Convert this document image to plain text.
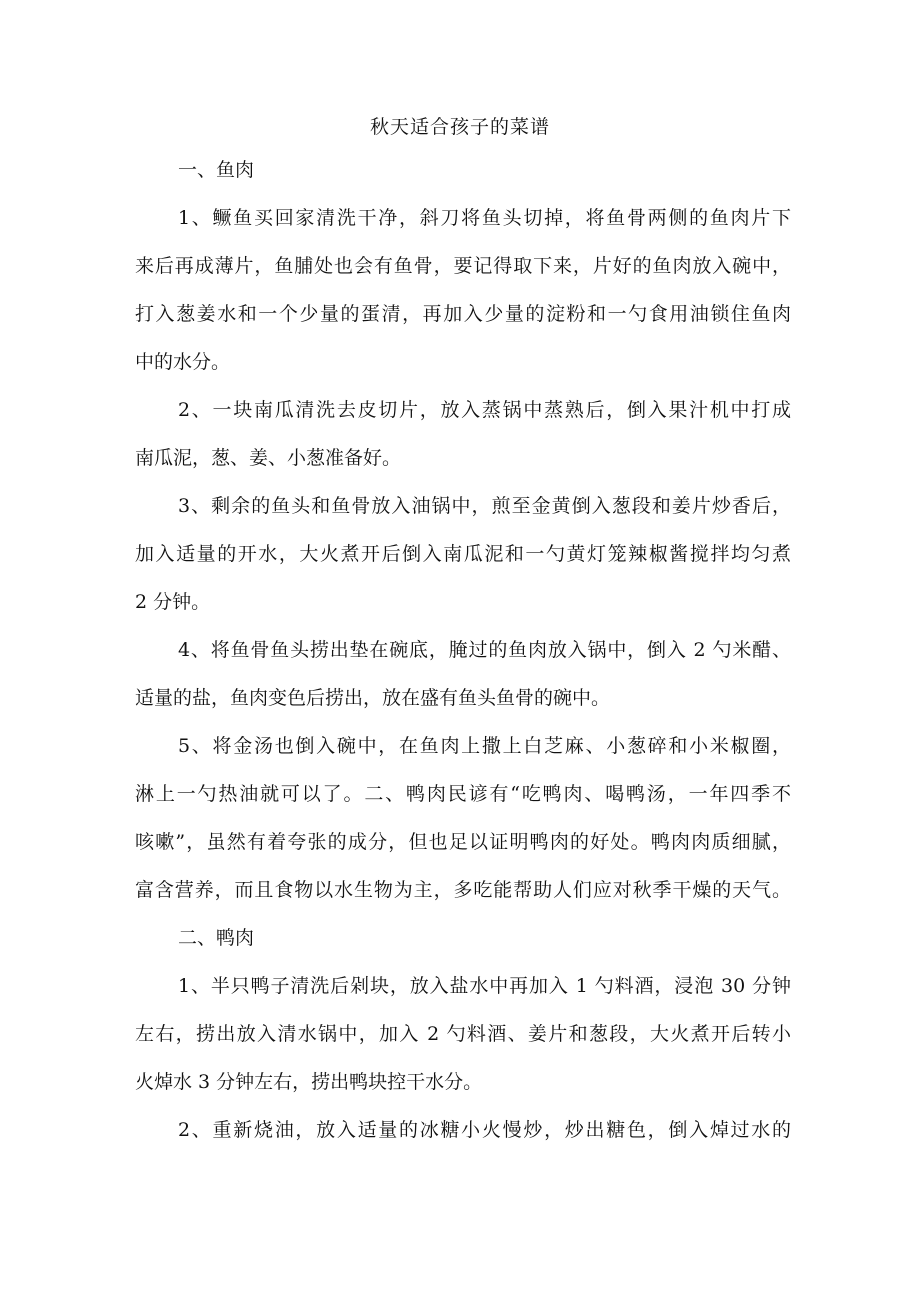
秋天适合孩子的菜谱
一、鱼肉
1、鳜鱼买回家清洗干净，斜刀将鱼头切掉，将鱼骨两侧的鱼肉片下
来后再成薄片，鱼脯处也会有鱼骨，要记得取下来，片好的鱼肉放入碗中，
打入葱姜水和一个少量的蛋清，再加入少量的淀粉和一勺食用油锁住鱼肉
中的水分。
2、一块南瓜清洗去皮切片，放入蒸锅中蒸熟后，倒入果汁机中打成
南瓜泥，葱、姜、小葱准备好。
3、剩余的鱼头和鱼骨放入油锅中，煎至金黄倒入葱段和姜片炒香后，
加入适量的开水，大火煮开后倒入南瓜泥和一勺黄灯笼辣椒酱搅拌均匀煮
2 分钟。
4、将鱼骨鱼头捞出垫在碗底，腌过的鱼肉放入锅中，倒入 2 勺米醋、
适量的盐，鱼肉变色后捞出，放在盛有鱼头鱼骨的碗中。
5、将金汤也倒入碗中，在鱼肉上撒上白芝麻、小葱碎和小米椒圈，
淋上一勺热油就可以了。二、鸭肉民谚有“吃鸭肉、喝鸭汤，一年四季不
咳嗽”，虽然有着夸张的成分，但也足以证明鸭肉的好处。鸭肉肉质细腻，
富含营养，而且食物以水生物为主，多吃能帮助人们应对秋季干燥的天气。
二、鸭肉
1、半只鸭子清洗后剁块，放入盐水中再加入 1 勺料酒，浸泡 30 分钟
左右，捞出放入清水锅中，加入 2 勺料酒、姜片和葱段，大火煮开后转小
火焯水 3 分钟左右，捞出鸭块控干水分。
2、重新烧油，放入适量的冰糖小火慢炒，炒出糖色，倒入焯过水的
